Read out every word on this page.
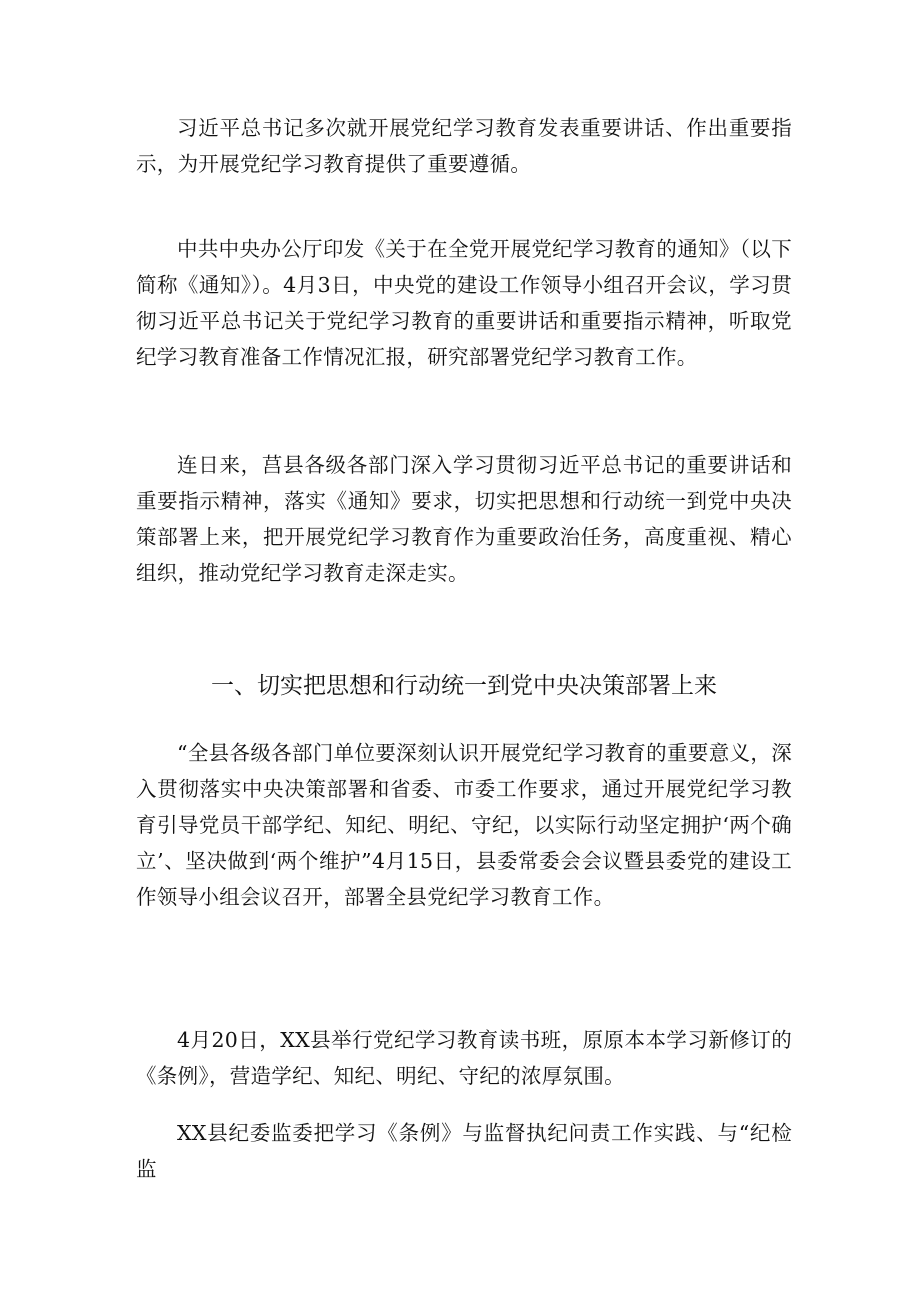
习近平总书记多次就开展党纪学习教育发表重要讲话、作出重要指示，为开展党纪学习教育提供了重要遵循。

中共中央办公厅印发《关于在全党开展党纪学习教育的通知》（以下简称《通知》）。4月3日，中央党的建设工作领导小组召开会议，学习贯彻习近平总书记关于党纪学习教育的重要讲话和重要指示精神，听取党纪学习教育准备工作情况汇报，研究部署党纪学习教育工作。

连日来，莒县各级各部门深入学习贯彻习近平总书记的重要讲话和重要指示精神，落实《通知》要求，切实把思想和行动统一到党中央决策部署上来，把开展党纪学习教育作为重要政治任务，高度重视、精心组织，推动党纪学习教育走深走实。

一、切实把思想和行动统一到党中央决策部署上来

“全县各级各部门单位要深刻认识开展党纪学习教育的重要意义，深入贯彻落实中央决策部署和省委、市委工作要求，通过开展党纪学习教育引导党员干部学纪、知纪、明纪、守纪，以实际行动坚定拥护‘两个确立’、坚决做到‘两个维护”4月15日，县委常委会会议暨县委党的建设工作领导小组会议召开，部署全县党纪学习教育工作。

4月20日，XX县举行党纪学习教育读书班，原原本本学习新修订的《条例》，营造学纪、知纪、明纪、守纪的浓厚氛围。

XX县纪委监委把学习《条例》与监督执纪问责工作实践、与“纪检监
